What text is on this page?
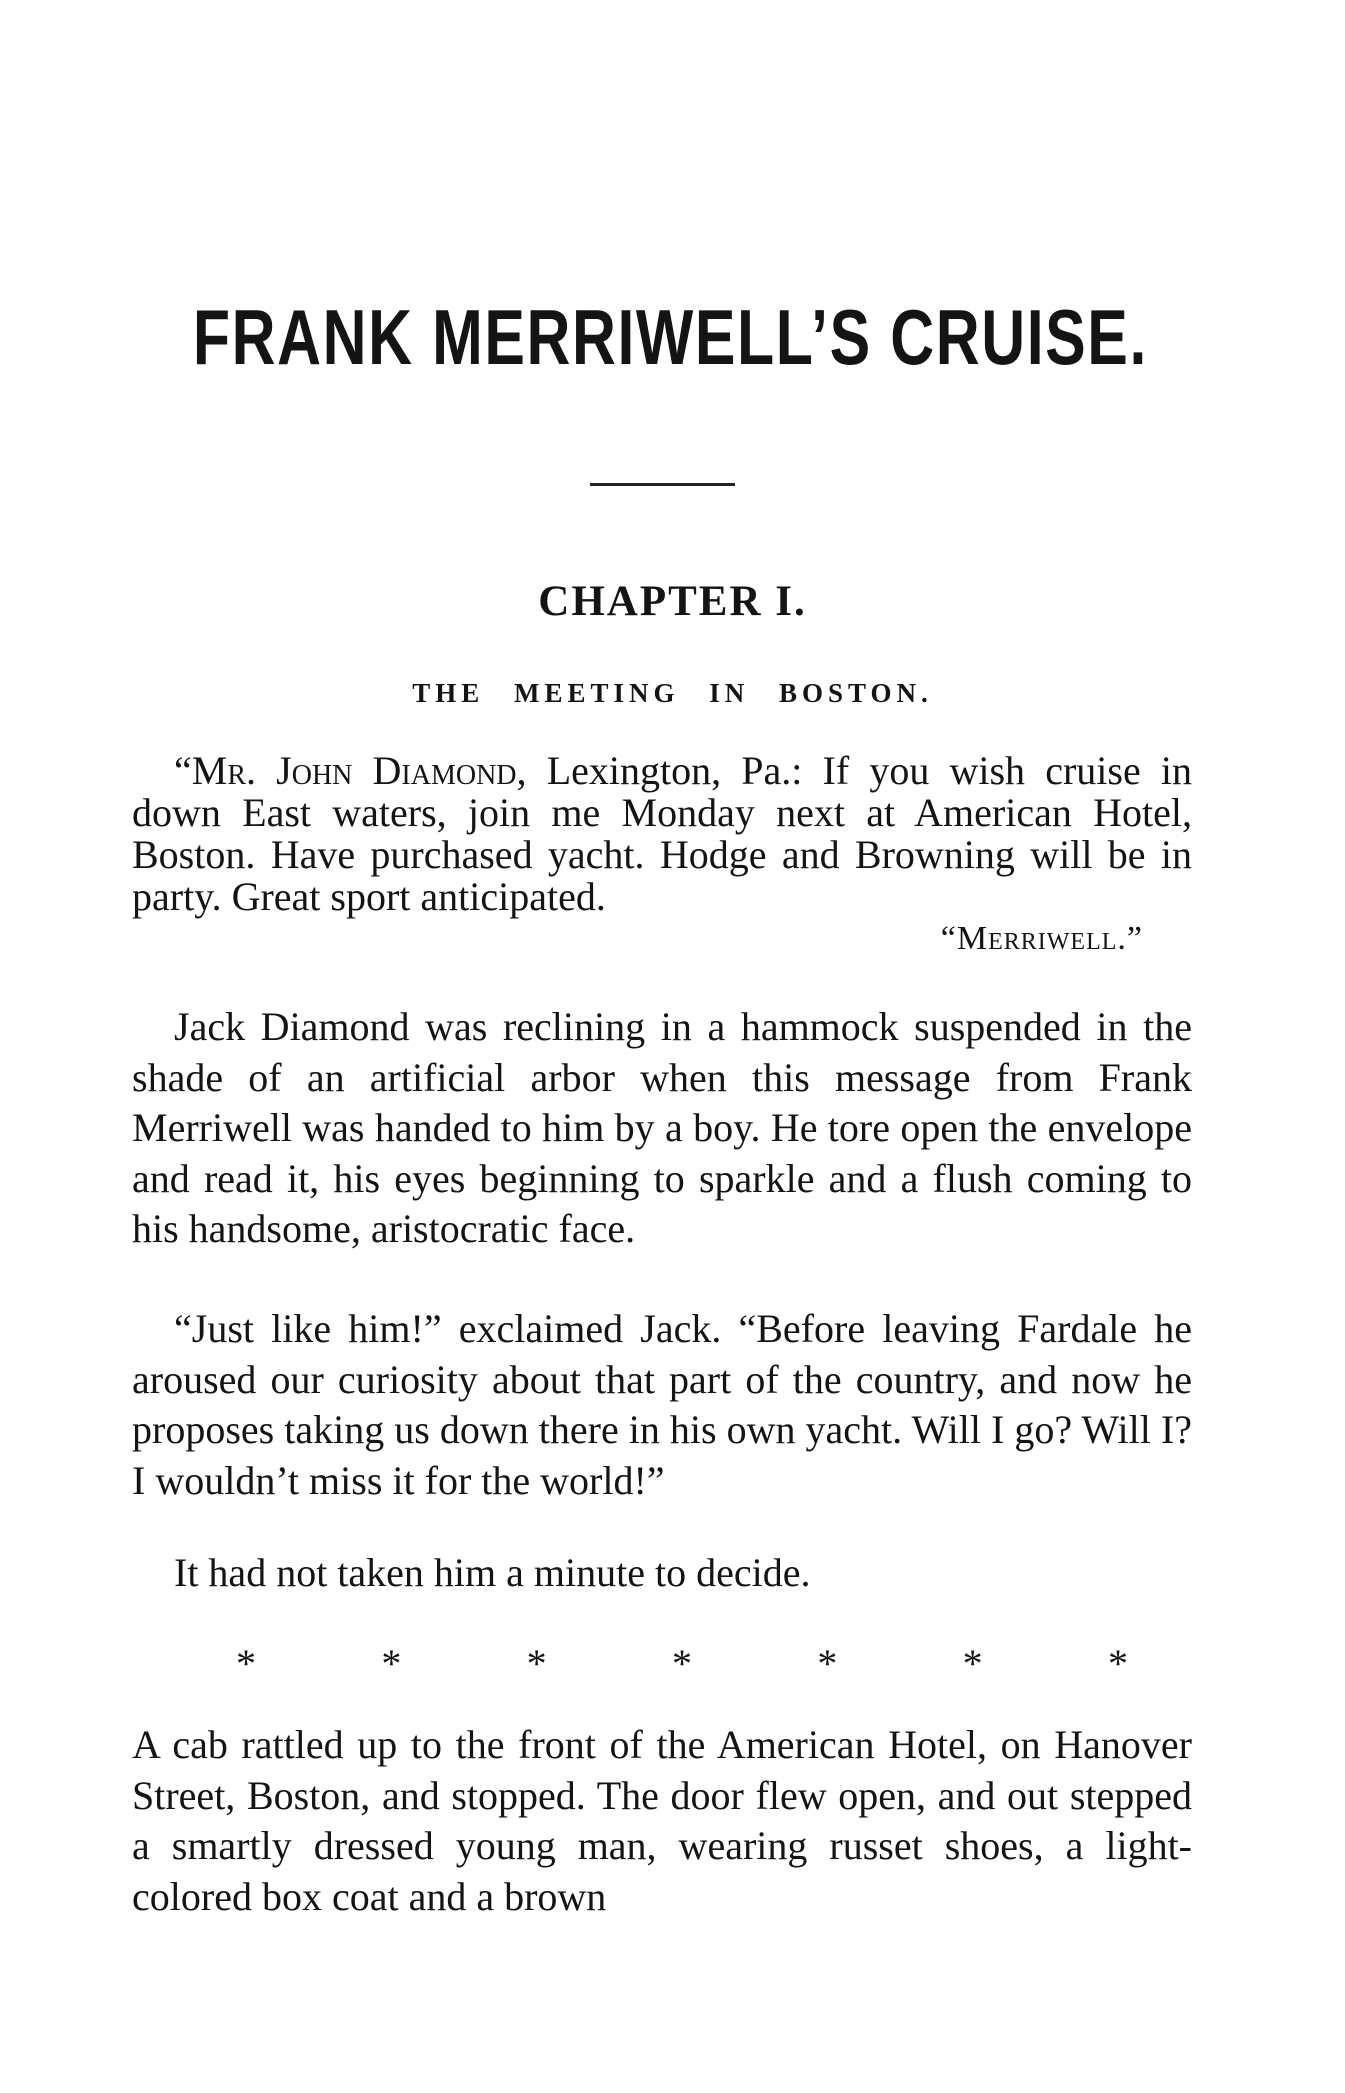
FRANK MERRIWELL’S CRUISE.
CHAPTER I.
THE MEETING IN BOSTON.

“Mr. John Diamond, Lexington, Pa.: If you wish cruise in down East waters, join me Monday next at American Hotel, Boston. Have purchased yacht. Hodge and Browning will be in party. Great sport anticipated.

“Merriwell.”

Jack Diamond was reclining in a hammock suspended in the shade of an artificial arbor when this message from Frank Merriwell was handed to him by a boy. He tore open the envelope and read it, his eyes beginning to sparkle and a flush coming to his handsome, aristocratic face.

“Just like him!” exclaimed Jack. “Before leaving Fardale he aroused our curiosity about that part of the country, and now he proposes taking us down there in his own yacht. Will I go? Will I? I wouldn’t miss it for the world!”

It had not taken him a minute to decide.

*	*	*	*	*	*	*

A cab rattled up to the front of the American Hotel, on Hanover Street, Boston, and stopped. The door flew open, and out stepped a smartly dressed young man, wearing russet shoes, a light-colored box coat and a brown
